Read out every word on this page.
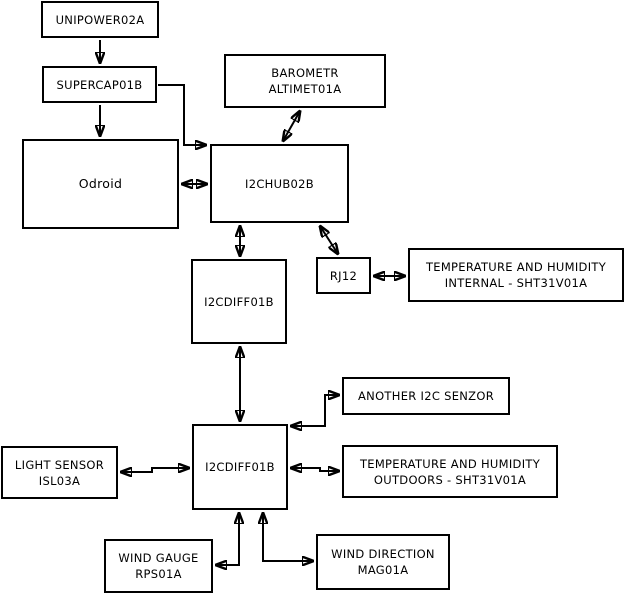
UNIPOWER02A
SUPERCAP01B
BAROMETR
ALTIMET01A
Odroid	I2CHUB02B
RJ12
TEMPERATURE AND HUMIDITY
INTERNAL - SHT31V01A
I2CDIFF01B
ANOTHER I2C SENZOR
I2CDIFF01B
LIGHT SENSOR
ISL03A
TEMPERATURE AND HUMIDITY
OUTDOORS - SHT31V01A
WIND GAUGE
RPS01A
WIND DIRECTION
MAG01A
